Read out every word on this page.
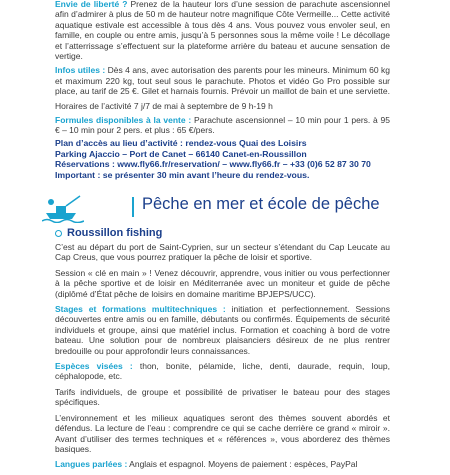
Envie de liberté ? Prenez de la hauteur lors d’une session de parachute ascensionnel afin d’admirer à plus de 50 m de hauteur notre magnifique Côte Vermeille... Cette activité aquatique estivale est accessible à tous dès 4 ans. Vous pouvez vous envoler seul, en famille, en couple ou entre amis, jusqu’à 5 personnes sous la même voile ! Le décollage et l’atterrissage s’effectuent sur la plateforme arrière du bateau et aucune sensation de vertige.

Infos utiles : Dès 4 ans, avec autorisation des parents pour les mineurs. Minimum 60 kg et maximum 220 kg, tout seul sous le parachute. Photos et vidéo Go Pro possible sur place, au tarif de 25 €. Gilet et harnais fournis. Prévoir un maillot de bain et une serviette.

Horaires de l’activité 7 j/7 de mai à septembre de 9 h-19 h

Formules disponibles à la vente : Parachute ascensionnel – 10 min pour 1 pers. à 95 € – 10 min pour 2 pers. et plus : 65 €/pers.

Plan d’accès au lieu d’activité : rendez-vous Quai des Loisirs

Parking Ajaccio – Port de Canet – 66140 Canet-en-Roussillon

Réservations : www.fly66.fr/reservation/ – www.fly66.fr – +33 (0)6 52 87 30 70

Important : se présenter 30 min avant l’heure du rendez-vous.

Pêche en mer et école de pêche
Roussillon fishing

C’est au départ du port de Saint-Cyprien, sur un secteur s’étendant du Cap Leucate au Cap Creus, que vous pourrez pratiquer la pêche de loisir et sportive.

Session « clé en main » ! Venez découvrir, apprendre, vous initier ou vous perfectionner à la pêche sportive et de loisir en Méditerranée avec un moniteur et guide de pêche (diplômé d’État pêche de loisirs en domaine maritime BPJEPS/UCC).

Stages et formations multitechniques : initiation et perfectionnement. Sessions découvertes entre amis ou en famille, débutants ou confirmés. Équipements de sécurité individuels et groupe, ainsi que matériel inclus. Formation et coaching à bord de votre bateau. Une solution pour de nombreux plaisanciers désireux de ne plus rentrer bredouille ou pour approfondir leurs connaissances.

Espèces visées : thon, bonite, pélamide, liche, denti, daurade, requin, loup, céphalopode, etc.

Tarifs individuels, de groupe et possibilité de privatiser le bateau pour des stages spécifiques.

L’environnement et les milieux aquatiques seront des thèmes souvent abordés et défendus. La lecture de l’eau : comprendre ce qui se cache derrière ce grand « miroir ». Avant d’utiliser des termes techniques et « références », vous aborderez des thèmes basiques.

Langues parlées : Anglais et espagnol. Moyens de paiement : espèces, PayPal
